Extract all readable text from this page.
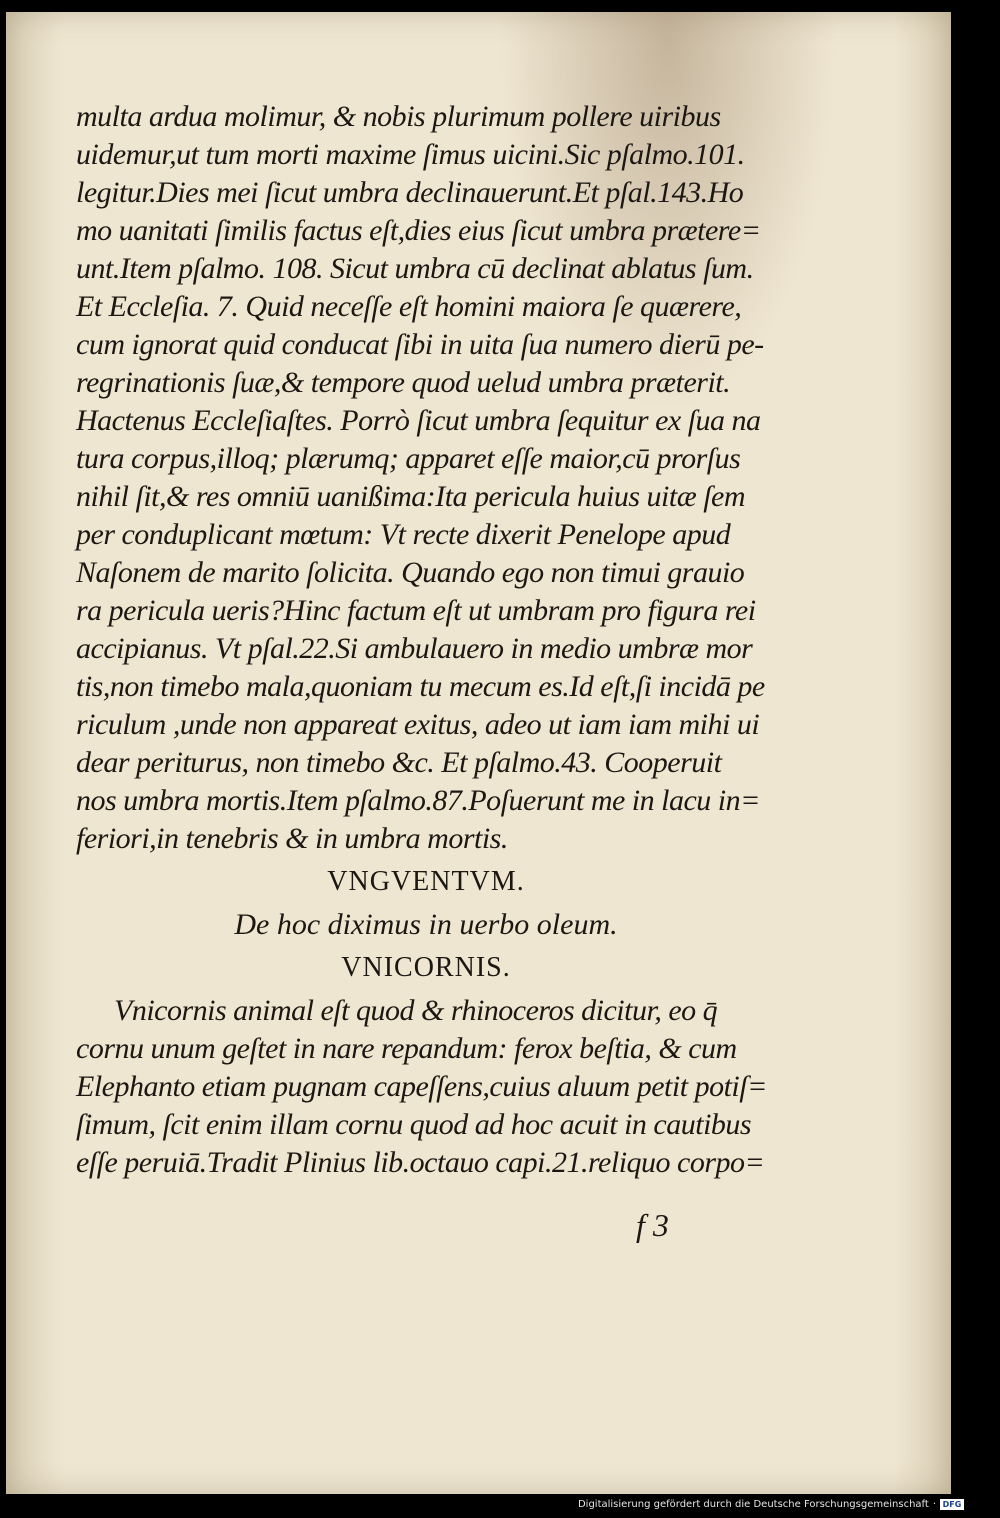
multa ardua molimur, & nobis plurimum pollere uiribus
uidemur,ut tum morti maxime ſimus uicini.Sic pſalmo.101.
legitur.Dies mei ſicut umbra declinauerunt.Et pſal.143.Ho
mo uanitati ſimilis factus eſt,dies eius ſicut umbra prætere=
unt.Item pſalmo. 108. Sicut umbra cū declinat ablatus ſum.
Et Eccleſia. 7. Quid neceſſe eſt homini maiora ſe quærere,
cum ignorat quid conducat ſibi in uita ſua numero dierū pe-
regrinationis ſuæ,& tempore quod uelud umbra præterit.
Hactenus Eccleſiaſtes. Porrò ſicut umbra ſequitur ex ſua na
tura corpus,illoq; plærumq; apparet eſſe maior,cū prorſus
nihil ſit,& res omniū uanißima:Ita pericula huius uitæ ſem
per conduplicant mœtum: Vt recte dixerit Penelope apud
Naſonem de marito ſolicita. Quando ego non timui grauio
ra pericula ueris?Hinc factum eſt ut umbram pro figura rei
accipianus. Vt pſal.22.Si ambulauero in medio umbræ mor
tis,non timebo mala,quoniam tu mecum es.Id eſt,ſi incidā pe
riculum ,unde non appareat exitus, adeo ut iam iam mihi ui
dear periturus, non timebo &c. Et pſalmo.43. Cooperuit
nos umbra mortis.Item pſalmo.87.Poſuerunt me in lacu in=
feriori,in tenebris & in umbra mortis.
VNGVENTVM.
De hoc diximus in uerbo oleum.
VNICORNIS.
Vnicornis animal eſt quod & rhinoceros dicitur, eo q̄
cornu unum geſtet in nare repandum: ferox beſtia, & cum
Elephanto etiam pugnam capeſſens,cuius aluum petit potiſ=
ſimum, ſcit enim illam cornu quod ad hoc acuit in cautibus
eſſe peruiā.Tradit Plinius lib.octauo capi.21.reliquo corpo=
f 3
Digitalisierung gefördert durch die Deutsche Forschungsgemeinschaft · DFG
